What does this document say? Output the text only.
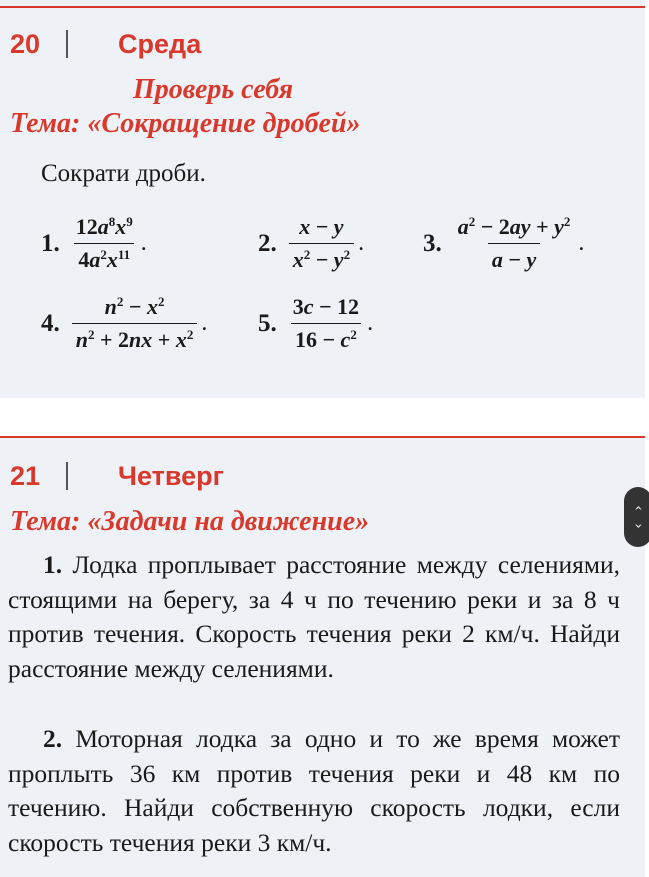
20	Среда
Проверь себя
Тема: «Сокращение дробей»
Сократи дроби.
1. $\frac{12a^8x^9}{4a^2x^{11}}$ .	2. $\frac{x - y}{x^2 - y^2}$ . 3. $\frac{a^2 - 2ay + y^2}{a - y}$ .
4. $\frac{n^2 - x^2}{n^2 + 2nx + x^2}$ . 5. $\frac{3c - 12}{16 - c^2}$ .
21	Четверг
Тема: «Задачи на движение»
1. Лодка проплывает расстояние между селениями, стоящими на берегу, за 4 ч по течению реки и за 8 ч против течения. Скорость течения реки 2 км/ч. Найди расстояние между селениями.
2. Моторная лодка за одно и то же время может проплыть 36 км против течения реки и 48 км по течению. Найди собственную скорость лодки, если скорость течения реки 3 км/ч.
‹
›
